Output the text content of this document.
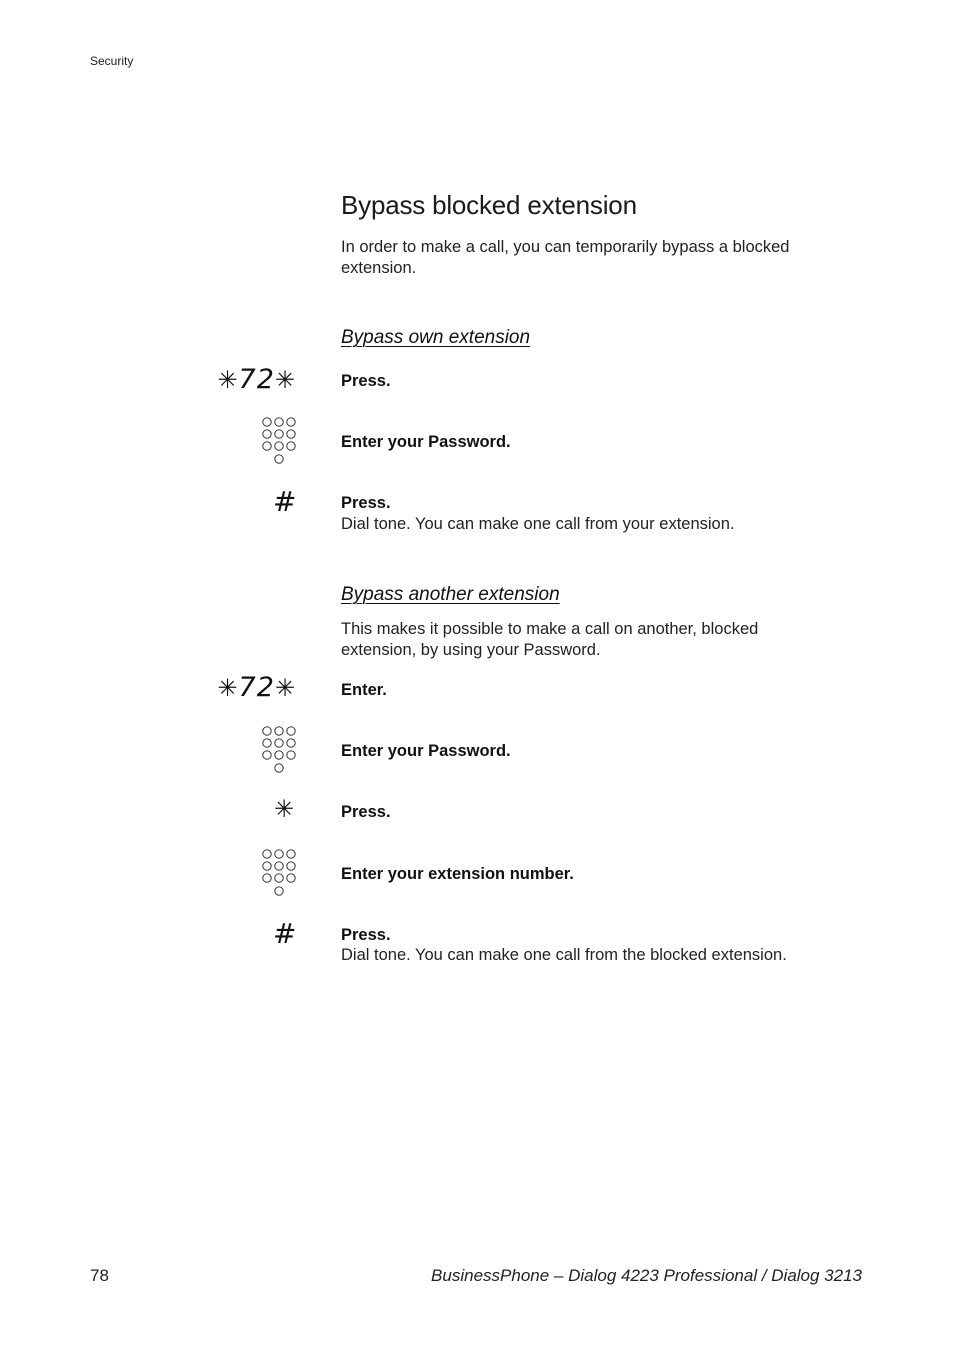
Security
Bypass blocked extension
In order to make a call, you can temporarily bypass a blocked extension.
Bypass own extension
✳72✳	Press.
Enter your Password.
#	Press.
Dial tone. You can make one call from your extension.
Bypass another extension
This makes it possible to make a call on another, blocked extension, by using your Password.
✳72✳	Enter.
Enter your Password.
✳	Press.
Enter your extension number.
#	Press.
Dial tone. You can make one call from the blocked extension.
78	BusinessPhone – Dialog 4223 Professional / Dialog 3213
